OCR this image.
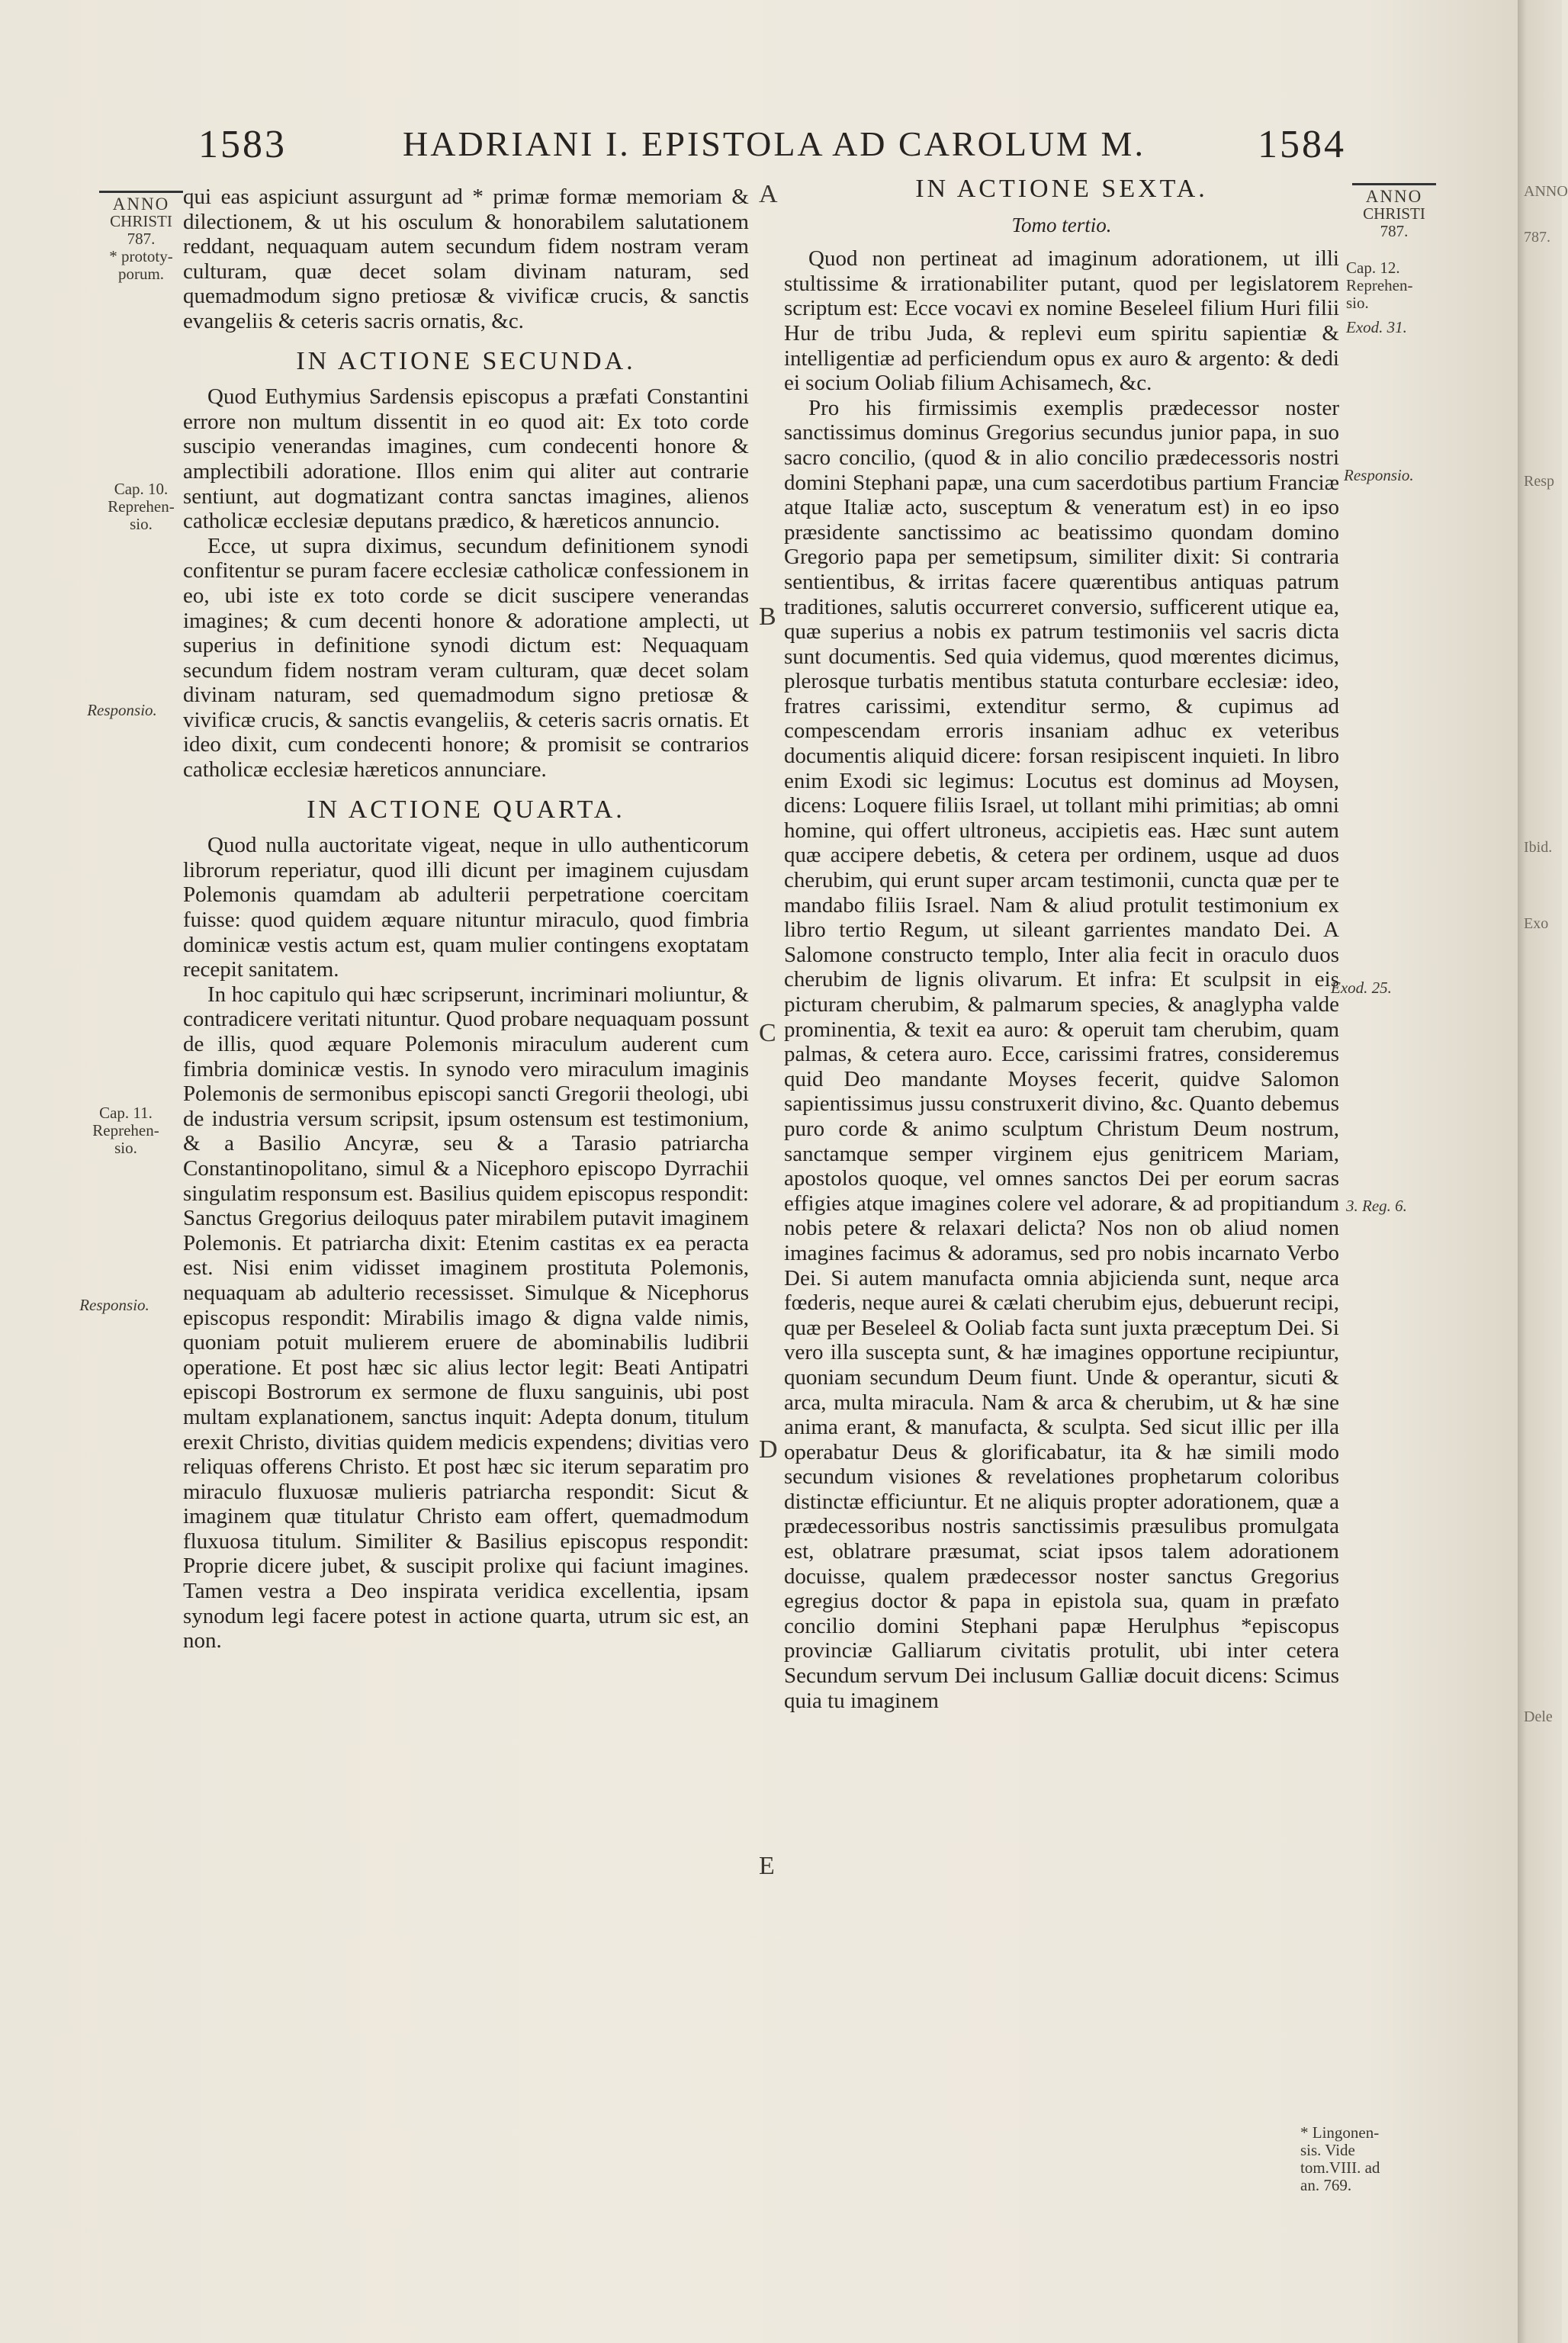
1583	HADRIANI I. EPISTOLA AD CAROLUM M.	1584
ANNO
CHRISTI
787.
* prototy-
porum.
Cap. 10.
Reprehen-
sio.
Responsio.
Cap. 11.
Reprehen-
sio.
Responsio.
ANNO
CHRISTI
787.
Cap. 12.
Reprehen-
sio.
Exod. 31.
Responsio.
Exod. 25.
3. Reg. 6.
* Lingonen-
sis. Vide
tom.VIII. ad
an. 769.
A
B
C
D
E

qui eas aspiciunt assurgunt ad * primæ formæ memoriam & dilectionem, & ut his osculum & honorabilem salutationem reddant, nequaquam autem secundum fidem nostram veram culturam, quæ decet solam divinam naturam, sed quemadmodum signo pretiosæ & vivificæ crucis, & sanctis evangeliis & ceteris sacris ornatis, &c.

IN ACTIONE SECUNDA.

Quod Euthymius Sardensis episcopus a præfati Constantini errore non multum dissentit in eo quod ait: Ex toto corde suscipio venerandas imagines, cum condecenti honore & amplectibili adoratione. Illos enim qui aliter aut contrarie sentiunt, aut dogmatizant contra sanctas imagines, alienos catholicæ ecclesiæ deputans prædico, & hæreticos annuncio.

Ecce, ut supra diximus, secundum definitionem synodi confitentur se puram facere ecclesiæ catholicæ confessionem in eo, ubi iste ex toto corde se dicit suscipere venerandas imagines; & cum decenti honore & adoratione amplecti, ut superius in definitione synodi dictum est: Nequaquam secundum fidem nostram veram culturam, quæ decet solam divinam naturam, sed quemadmodum signo pretiosæ & vivificæ crucis, & sanctis evangeliis, & ceteris sacris ornatis. Et ideo dixit, cum condecenti honore; & promisit se contrarios catholicæ ecclesiæ hæreticos annunciare.

IN ACTIONE QUARTA.

Quod nulla auctoritate vigeat, neque in ullo authenticorum librorum reperiatur, quod illi dicunt per imaginem cujusdam Polemonis quamdam ab adulterii perpetratione coercitam fuisse: quod quidem æquare nituntur miraculo, quod fimbria dominicæ vestis actum est, quam mulier contingens exoptatam recepit sanitatem.

In hoc capitulo qui hæc scripserunt, incriminari moliuntur, & contradicere veritati nituntur. Quod probare nequaquam possunt de illis, quod æquare Polemonis miraculum auderent cum fimbria dominicæ vestis. In synodo vero miraculum imaginis Polemonis de sermonibus episcopi sancti Gregorii theologi, ubi de industria versum scripsit, ipsum ostensum est testimonium, & a Basilio Ancyræ, seu & a Tarasio patriarcha Constantinopolitano, simul & a Nicephoro episcopo Dyrrachii singulatim responsum est. Basilius quidem episcopus respondit: Sanctus Gregorius deiloquus pater mirabilem putavit imaginem Polemonis. Et patriarcha dixit: Etenim castitas ex ea peracta est. Nisi enim vidisset imaginem prostituta Polemonis, nequaquam ab adulterio recessisset. Simulque & Nicephorus episcopus respondit: Mirabilis imago & digna valde nimis, quoniam potuit mulierem eruere de abominabilis ludibrii operatione. Et post hæc sic alius lector legit: Beati Antipatri episcopi Bostrorum ex sermone de fluxu sanguinis, ubi post multam explanationem, sanctus inquit: Adepta donum, titulum erexit Christo, divitias quidem medicis expendens; divitias vero reliquas offerens Christo. Et post hæc sic iterum separatim pro miraculo fluxuosæ mulieris patriarcha respondit: Sicut & imaginem quæ titulatur Christo eam offert, quemadmodum fluxuosa titulum. Similiter & Basilius episcopus respondit: Proprie dicere jubet, & suscipit prolixe qui faciunt imagines. Tamen vestra a Deo inspirata veridica excellentia, ipsam synodum legi facere potest in actione quarta, utrum sic est, an non.

IN ACTIONE SEXTA.

Tomo tertio.

Quod non pertineat ad imaginum adorationem, ut illi stultissime & irrationabiliter putant, quod per legislatorem scriptum est: Ecce vocavi ex nomine Beseleel filium Huri filii Hur de tribu Juda, & replevi eum spiritu sapientiæ & intelligentiæ ad perficiendum opus ex auro & argento: & dedi ei socium Ooliab filium Achisamech, &c.

Pro his firmissimis exemplis prædecessor noster sanctissimus dominus Gregorius secundus junior papa, in suo sacro concilio, (quod & in alio concilio prædecessoris nostri domini Stephani papæ, una cum sacerdotibus partium Franciæ atque Italiæ acto, susceptum & veneratum est) in eo ipso præsidente sanctissimo ac beatissimo quondam domino Gregorio papa per semetipsum, similiter dixit: Si contraria sentientibus, & irritas facere quærentibus antiquas patrum traditiones, salutis occurreret conversio, sufficerent utique ea, quæ superius a nobis ex patrum testimoniis vel sacris dicta sunt documentis. Sed quia videmus, quod mœrentes dicimus, plerosque turbatis mentibus statuta conturbare ecclesiæ: ideo, fratres carissimi, extenditur sermo, & cupimus ad compescendam erroris insaniam adhuc ex veteribus documentis aliquid dicere: forsan resipiscent inquieti. In libro enim Exodi sic legimus: Locutus est dominus ad Moysen, dicens: Loquere filiis Israel, ut tollant mihi primitias; ab omni homine, qui offert ultroneus, accipietis eas. Hæc sunt autem quæ accipere debetis, & cetera per ordinem, usque ad duos cherubim, qui erunt super arcam testimonii, cuncta quæ per te mandabo filiis Israel. Nam & aliud protulit testimonium ex libro tertio Regum, ut sileant garrientes mandato Dei. A Salomone constructo templo, Inter alia fecit in oraculo duos cherubim de lignis olivarum. Et infra: Et sculpsit in eis picturam cherubim, & palmarum species, & anaglypha valde prominentia, & texit ea auro: & operuit tam cherubim, quam palmas, & cetera auro. Ecce, carissimi fratres, consideremus quid Deo mandante Moyses fecerit, quidve Salomon sapientissimus jussu construxerit divino, &c. Quanto debemus puro corde & animo sculptum Christum Deum nostrum, sanctamque semper virginem ejus genitricem Mariam, apostolos quoque, vel omnes sanctos Dei per eorum sacras effigies atque imagines colere vel adorare, & ad propitiandum nobis petere & relaxari delicta? Nos non ob aliud nomen imagines facimus & adoramus, sed pro nobis incarnato Verbo Dei. Si autem manufacta omnia abjicienda sunt, neque arca fœderis, neque aurei & cælati cherubim ejus, debuerunt recipi, quæ per Beseleel & Ooliab facta sunt juxta præceptum Dei. Si vero illa suscepta sunt, & hæ imagines opportune recipiuntur, quoniam secundum Deum fiunt. Unde & operantur, sicuti & arca, multa miracula. Nam & arca & cherubim, ut & hæ sine anima erant, & manufacta, & sculpta. Sed sicut illic per illa operabatur Deus & glorificabatur, ita & hæ simili modo secundum visiones & revelationes prophetarum coloribus distinctæ efficiuntur. Et ne aliquis propter adorationem, quæ a prædecessoribus nostris sanctissimis præsulibus promulgata est, oblatrare præsumat, sciat ipsos talem adorationem docuisse, qualem prædecessor noster sanctus Gregorius egregius doctor & papa in epistola sua, quam in præfato concilio domini Stephani papæ Herulphus *episcopus provinciæ Galliarum civitatis protulit, ubi inter cetera Secundum servum Dei inclusum Galliæ docuit dicens: Scimus quia tu imaginem

ANNO
787.
Resp
Exo
Ibid.
Dele
